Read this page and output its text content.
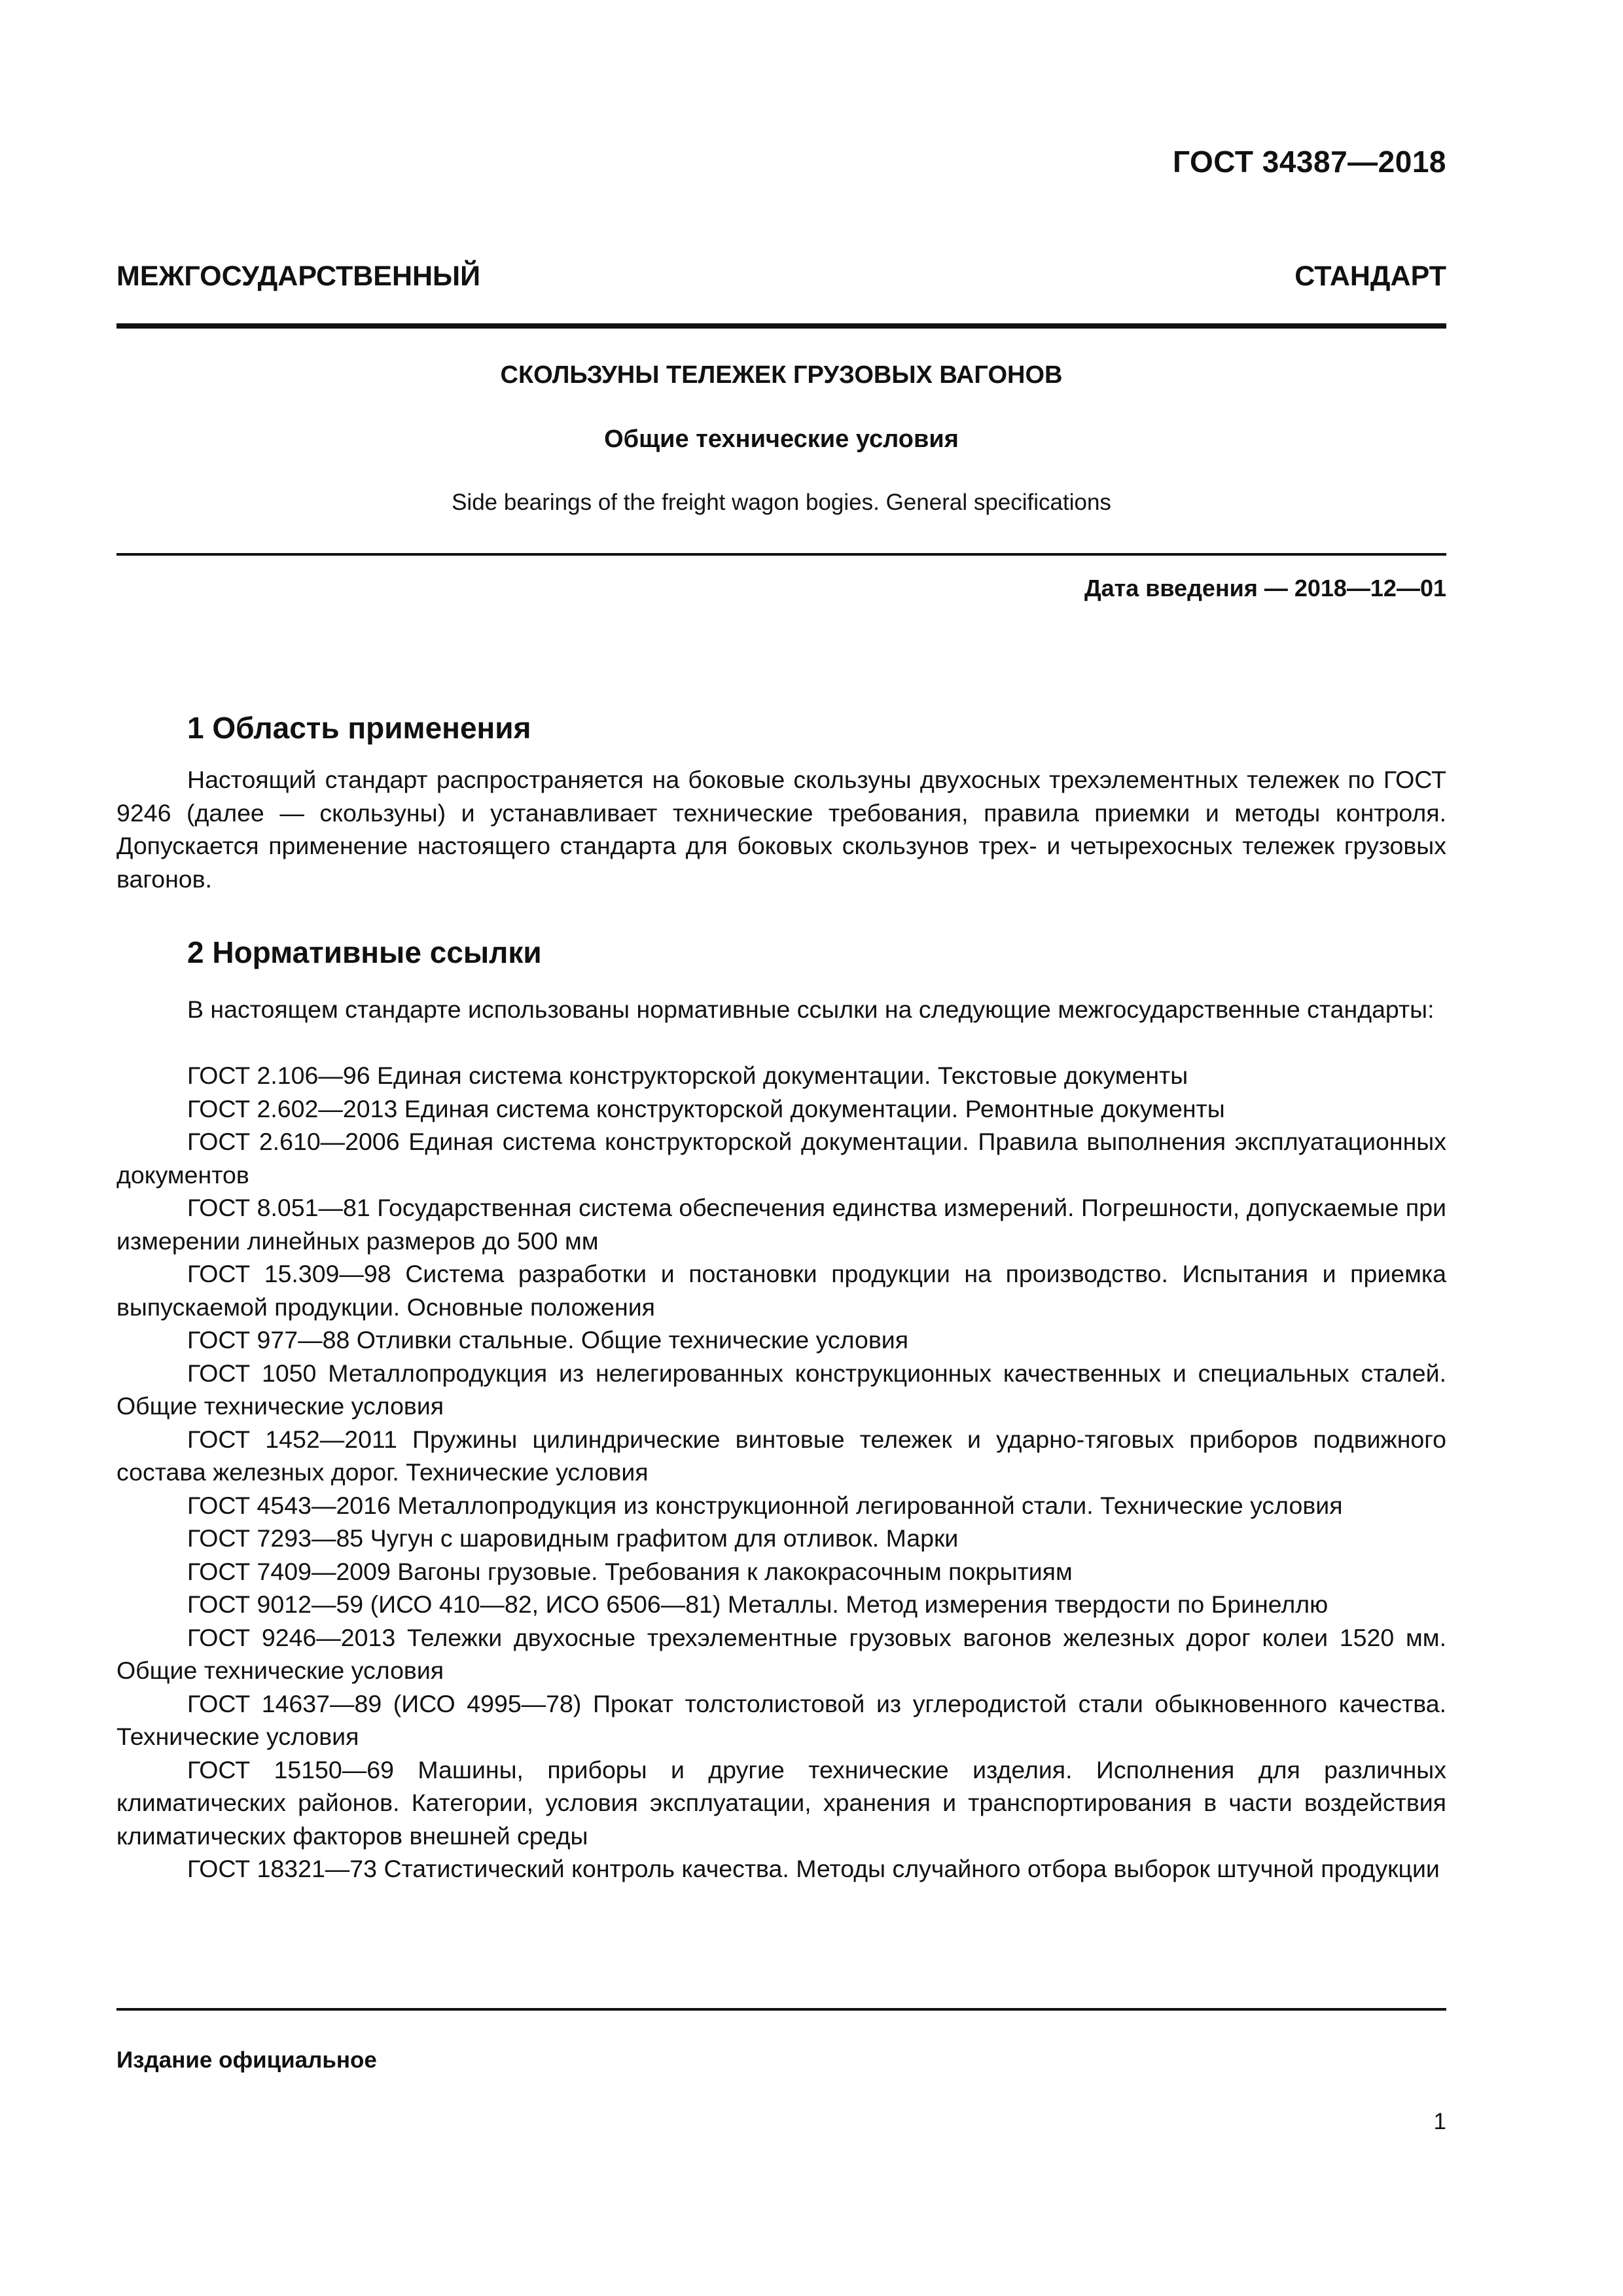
ГОСТ 34387—2018
МЕЖГОСУДАРСТВЕННЫЙ СТАНДАРТ
СКОЛЬЗУНЫ ТЕЛЕЖЕК ГРУЗОВЫХ ВАГОНОВ
Общие технические условия
Side bearings of the freight wagon bogies. General specifications
Дата введения — 2018—12—01
1 Область применения

Настоящий стандарт распространяется на боковые скользуны двухосных трехэлементных тележек по ГОСТ 9246 (далее — скользуны) и устанавливает технические требования, правила приемки и методы контроля. Допускается применение настоящего стандарта для боковых скользунов трех- и четырехосных тележек грузовых вагонов.

2 Нормативные ссылки

В настоящем стандарте использованы нормативные ссылки на следующие межгосударственные стандарты:

ГОСТ 2.106—96 Единая система конструкторской документации. Текстовые документы
ГОСТ 2.602—2013 Единая система конструкторской документации. Ремонтные документы
ГОСТ 2.610—2006 Единая система конструкторской документации. Правила выполнения эксплуатационных документов
ГОСТ 8.051—81 Государственная система обеспечения единства измерений. Погрешности, допускаемые при измерении линейных размеров до 500 мм
ГОСТ 15.309—98 Система разработки и постановки продукции на производство. Испытания и приемка выпускаемой продукции. Основные положения
ГОСТ 977—88 Отливки стальные. Общие технические условия
ГОСТ 1050 Металлопродукция из нелегированных конструкционных качественных и специальных сталей. Общие технические условия
ГОСТ 1452—2011 Пружины цилиндрические винтовые тележек и ударно-тяговых приборов подвижного состава железных дорог. Технические условия
ГОСТ 4543—2016 Металлопродукция из конструкционной легированной стали. Технические условия
ГОСТ 7293—85 Чугун с шаровидным графитом для отливок. Марки
ГОСТ 7409—2009 Вагоны грузовые. Требования к лакокрасочным покрытиям
ГОСТ 9012—59 (ИСО 410—82, ИСО 6506—81) Металлы. Метод измерения твердости по Бринеллю
ГОСТ 9246—2013 Тележки двухосные трехэлементные грузовых вагонов железных дорог колеи 1520 мм. Общие технические условия
ГОСТ 14637—89 (ИСО 4995—78) Прокат толстолистовой из углеродистой стали обыкновенного качества. Технические условия
ГОСТ 15150—69 Машины, приборы и другие технические изделия. Исполнения для различных климатических районов. Категории, условия эксплуатации, хранения и транспортирования в части воздействия климатических факторов внешней среды
ГОСТ 18321—73 Статистический контроль качества. Методы случайного отбора выборок штучной продукции
Издание официальное
1
